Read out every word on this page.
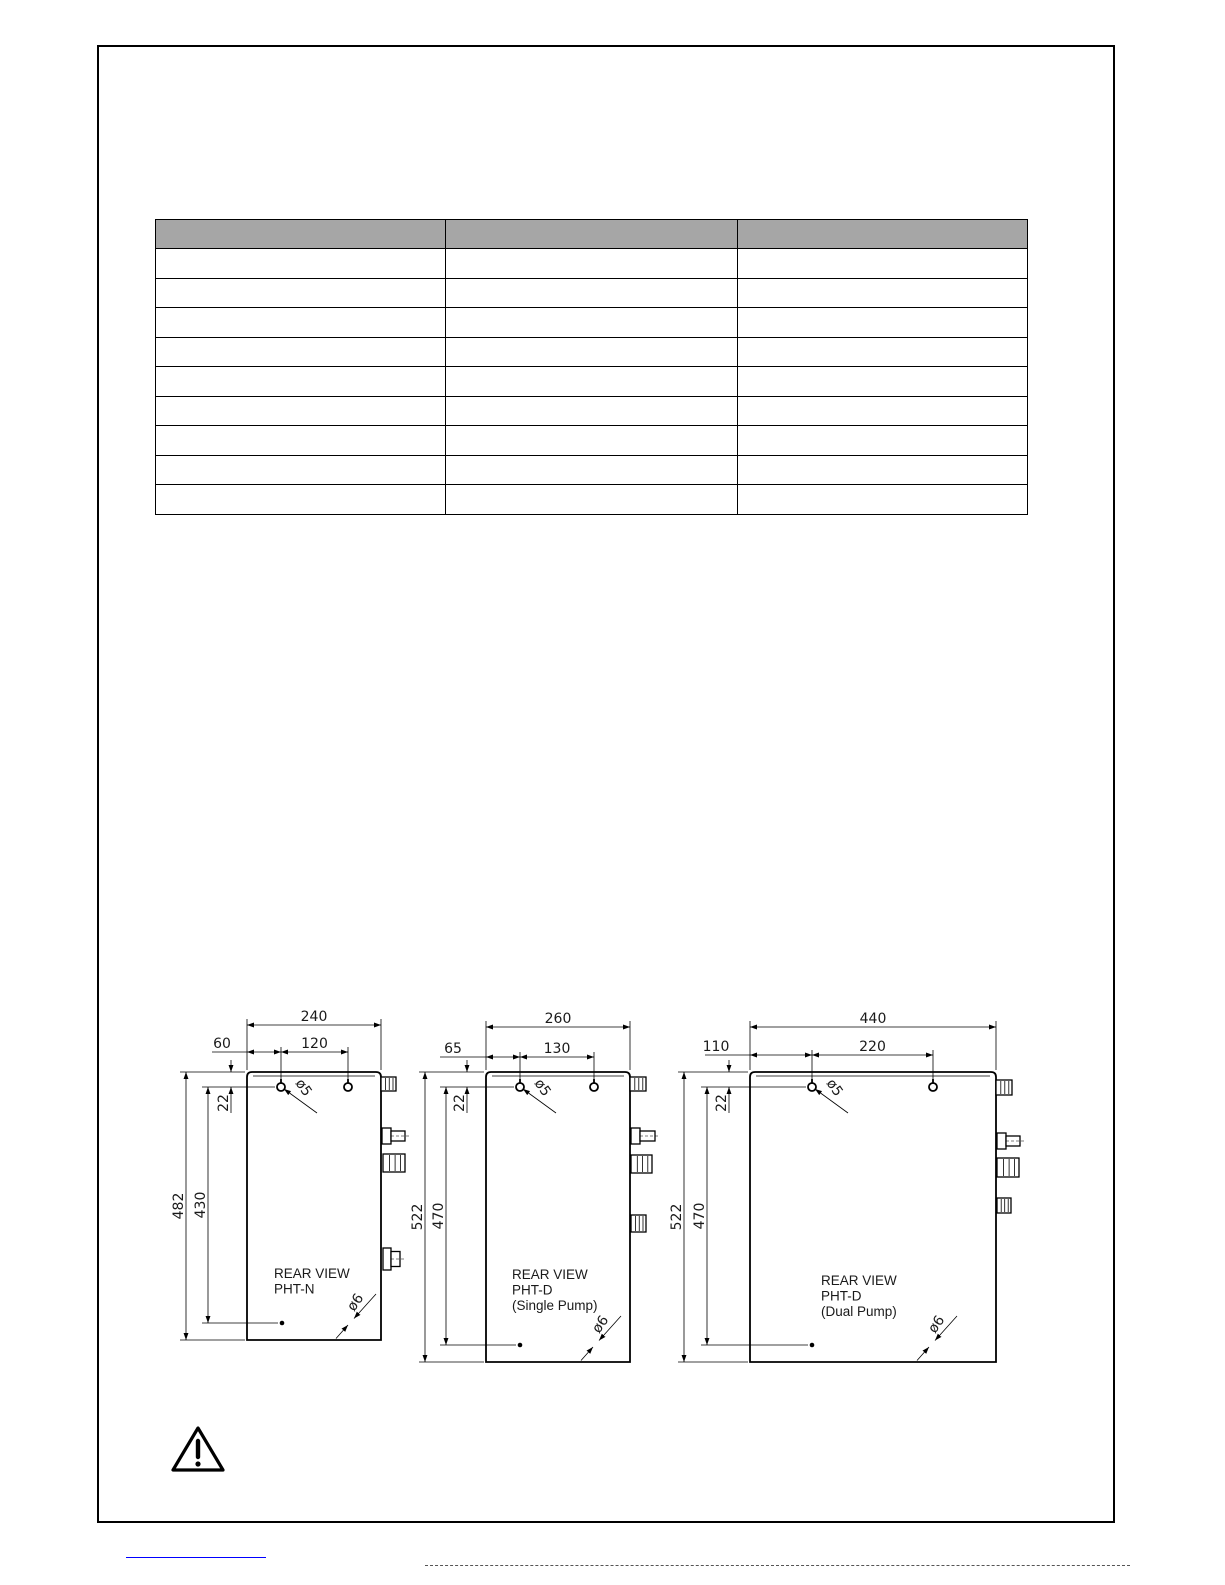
240
60	120
482 430
22
ø5
ø6
REAR VIEW
PHT-N
260
65	130
522 470
22
ø5
ø6
REAR VIEW
PHT-D
(Single Pump)
440
110	220
522 470
22
ø5
ø6
REAR VIEW
PHT-D
(Dual Pump)
